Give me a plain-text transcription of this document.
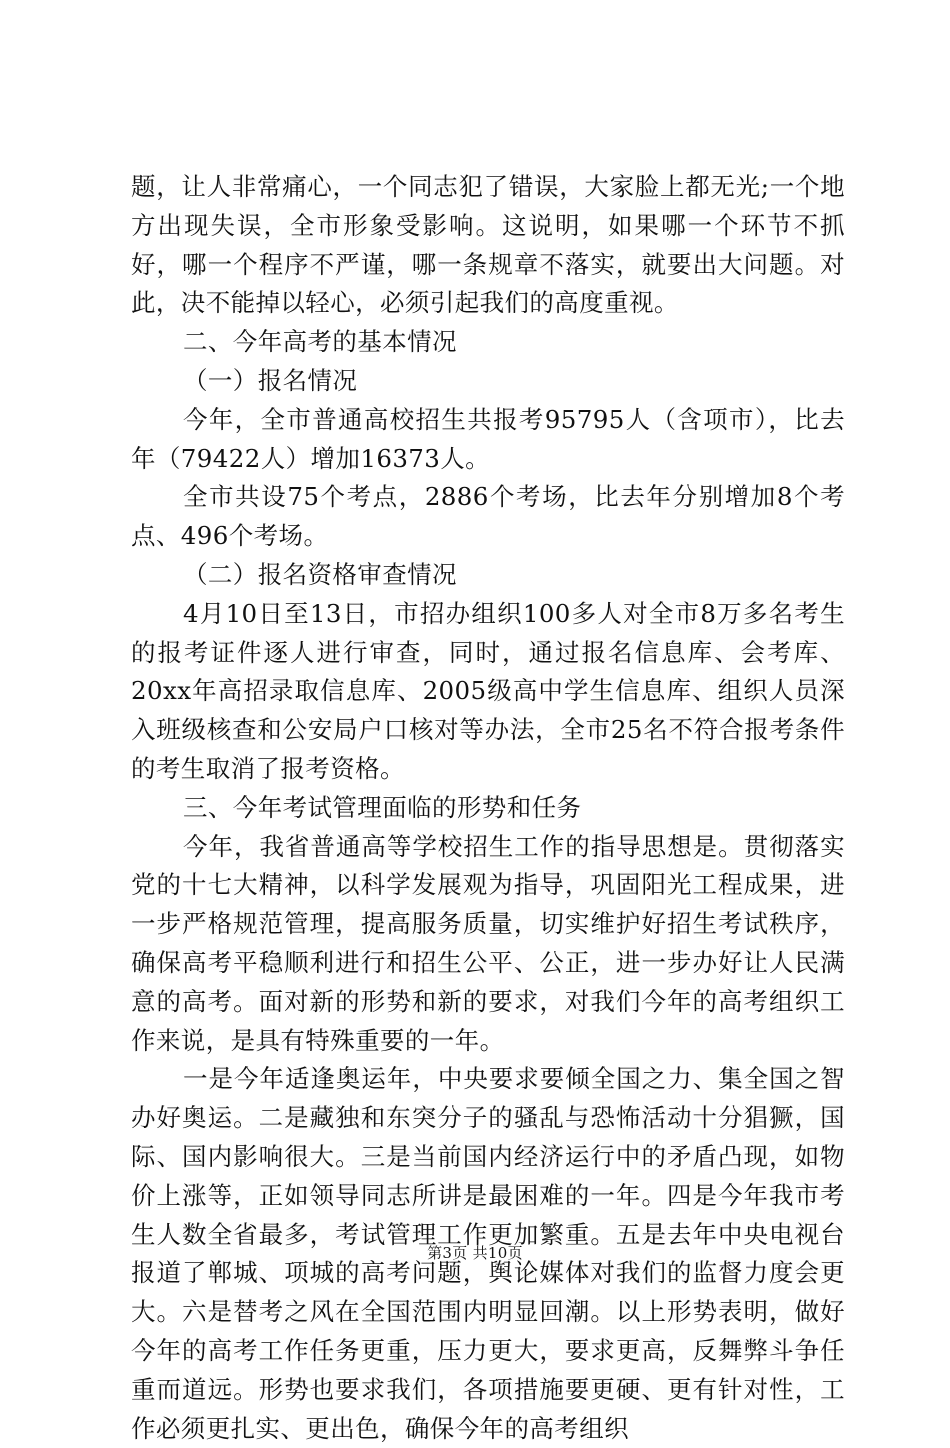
题，让人非常痛心，一个同志犯了错误，大家脸上都无光;一个地方出现失误，全市形象受影响。这说明，如果哪一个环节不抓好，哪一个程序不严谨，哪一条规章不落实，就要出大问题。对此，决不能掉以轻心，必须引起我们的高度重视。

二、今年高考的基本情况

（一）报名情况

今年，全市普通高校招生共报考95795人（含项市），比去年（79422人）增加16373人。

全市共设75个考点，2886个考场，比去年分别增加8个考点、496个考场。

（二）报名资格审查情况

4月10日至13日，市招办组织100多人对全市8万多名考生的报考证件逐人进行审查，同时，通过报名信息库、会考库、20xx年高招录取信息库、2005级高中学生信息库、组织人员深入班级核查和公安局户口核对等办法，全市25名不符合报考条件的考生取消了报考资格。

三、今年考试管理面临的形势和任务

今年，我省普通高等学校招生工作的指导思想是。贯彻落实党的十七大精神，以科学发展观为指导，巩固阳光工程成果，进一步严格规范管理，提高服务质量，切实维护好招生考试秩序，确保高考平稳顺利进行和招生公平、公正，进一步办好让人民满意的高考。面对新的形势和新的要求，对我们今年的高考组织工作来说，是具有特殊重要的一年。

一是今年适逢奥运年，中央要求要倾全国之力、集全国之智办好奥运。二是藏独和东突分子的骚乱与恐怖活动十分猖獗，国际、国内影响很大。三是当前国内经济运行中的矛盾凸现，如物价上涨等，正如领导同志所讲是最困难的一年。四是今年我市考生人数全省最多，考试管理工作更加繁重。五是去年中央电视台报道了郸城、项城的高考问题，舆论媒体对我们的监督力度会更大。六是替考之风在全国范围内明显回潮。以上形势表明，做好今年的高考工作任务更重，压力更大，要求更高，反舞弊斗争任重而道远。形势也要求我们，各项措施要更硬、更有针对性，工作必须更扎实、更出色，确保今年的高考组织

第3页 共10页
